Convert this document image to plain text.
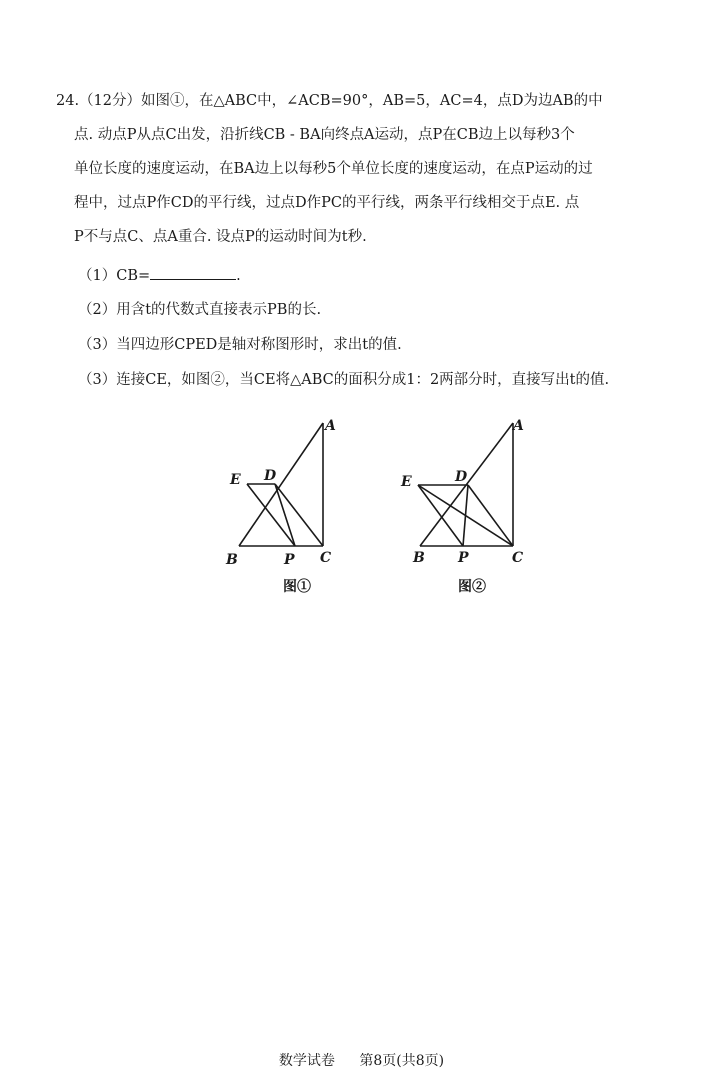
24.（12分）如图①，在△ABC中，∠ACB=90°，AB=5，AC=4，点D为边AB的中
点. 动点P从点C出发，沿折线CB - BA向终点A运动，点P在CB边上以每秒3个
单位长度的速度运动，在BA边上以每秒5个单位长度的速度运动，在点P运动的过
程中，过点P作CD的平行线，过点D作PC的平行线，两条平行线相交于点E. 点
P不与点C、点A重合. 设点P的运动时间为t秒.
（1）CB=	.
（2）用含t的代数式直接表示PB的长.
（3）当四边形CPED是轴对称图形时，求出t的值.
（3）连接CE，如图②，当CE将△ABC的面积分成1：2两部分时，直接写出t的值.
A
B	C
D
E
P
图①
A
B	C
D
E
P
图②
数学试卷 第8页(共8页)
